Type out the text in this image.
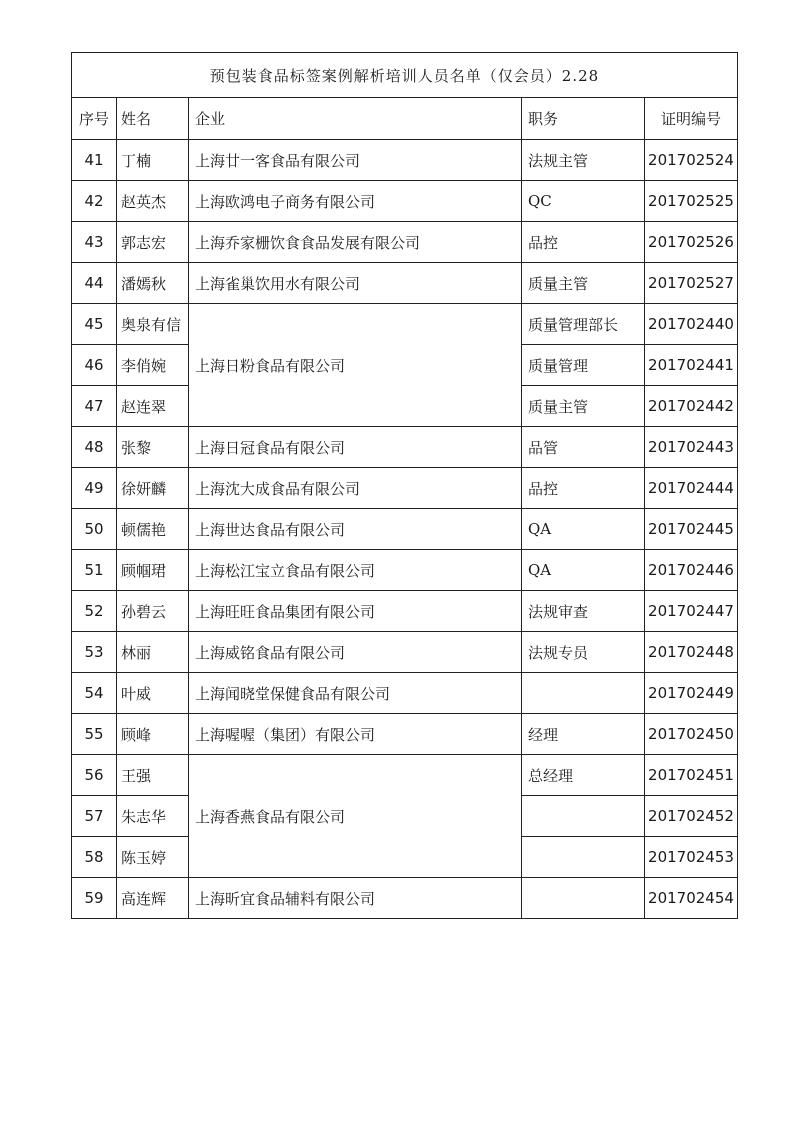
预包装食品标签案例解析培训人员名单（仅会员）2.28				
序号	姓名	企业	职务	证明编号
41	丁楠	上海廿一客食品有限公司	法规主管	201702524
42	赵英杰	上海欧鸿电子商务有限公司	QC	201702525
43	郭志宏	上海乔家栅饮食食品发展有限公司	品控	201702526
44	潘嫣秋	上海雀巢饮用水有限公司	质量主管	201702527
45	奥泉有信	上海日粉食品有限公司	质量管理部长	201702440
46	李俏婉		质量管理	201702441
47	赵连翠		质量主管	201702442
48	张黎	上海日冠食品有限公司	品管	201702443
49	徐妍麟	上海沈大成食品有限公司	品控	201702444
50	顿儒艳	上海世达食品有限公司	QA	201702445
51	顾帼珺	上海松江宝立食品有限公司	QA	201702446
52	孙碧云	上海旺旺食品集团有限公司	法规审查	201702447
53	林丽	上海威铭食品有限公司	法规专员	201702448
54	叶威	上海闻晓堂保健食品有限公司		201702449
55	顾峰	上海喔喔（集团）有限公司	经理	201702450
56	王强	上海香燕食品有限公司	总经理	201702451
57	朱志华			201702452
58	陈玉婷			201702453
59	高连辉	上海昕宜食品辅料有限公司		201702454
